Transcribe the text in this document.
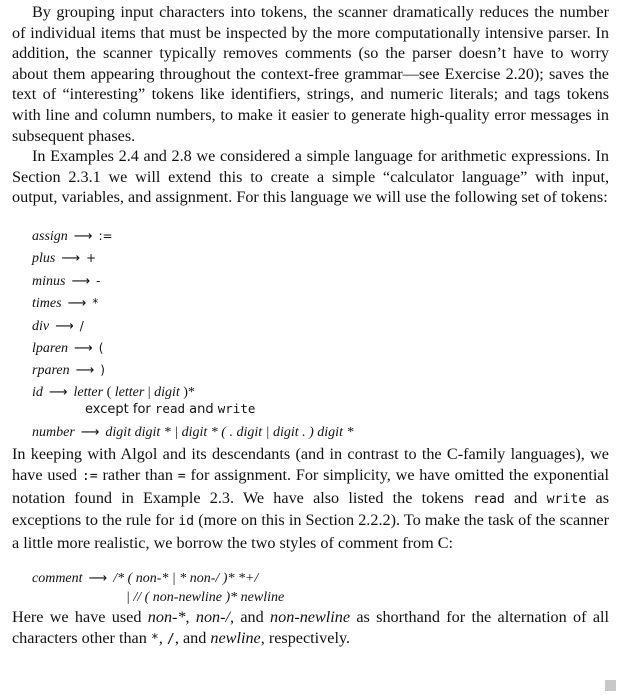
By grouping input characters into tokens, the scanner dramatically reduces the number of individual items that must be inspected by the more computationally intensive parser. In addition, the scanner typically removes comments (so the parser doesn’t have to worry about them appearing throughout the context-free grammar—see Exercise 2.20); saves the text of “interesting” tokens like identifiers, strings, and numeric literals; and tags tokens with line and column numbers, to make it easier to generate high-quality error messages in subsequent phases.

In Examples 2.4 and 2.8 we considered a simple language for arithmetic expressions. In Section 2.3.1 we will extend this to create a simple “calculator language” with input, output, variables, and assignment. For this language we will use the following set of tokens:

assign ⟶ :=
plus ⟶ +
minus ⟶ -
times ⟶ *
div ⟶ /
lparen ⟶ (
rparen ⟶ )
id ⟶ letter ( letter | digit )*
except for read and write
number ⟶ digit digit * | digit * ( . digit | digit . ) digit *

In keeping with Algol and its descendants (and in contrast to the C-family languages), we have used := rather than = for assignment. For simplicity, we have omitted the exponential notation found in Example 2.3. We have also listed the tokens read and write as exceptions to the rule for id (more on this in Section 2.2.2). To make the task of the scanner a little more realistic, we borrow the two styles of comment from C:

comment ⟶ /* ( non-* | * non-/ )* *+/
| // ( non-newline )* newline

Here we have used non-*, non-/, and non-newline as shorthand for the alternation of all characters other than *, /, and newline, respectively.
